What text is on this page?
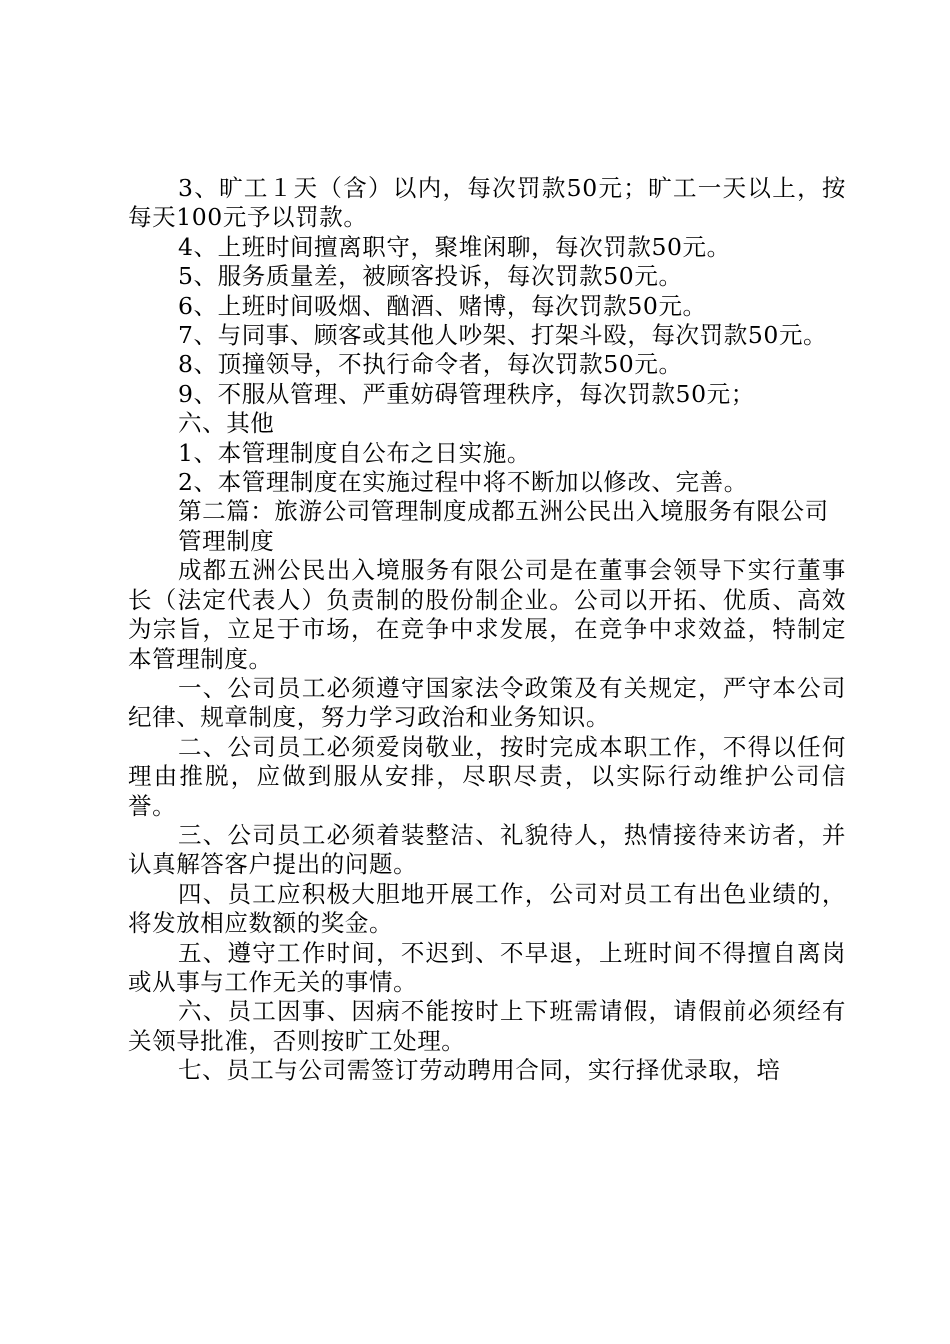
3、旷工１天（含）以内，每次罚款50元；旷工一天以上，按每天100元予以罚款。

4、上班时间擅离职守，聚堆闲聊，每次罚款50元。

5、服务质量差，被顾客投诉，每次罚款50元。

6、上班时间吸烟、酗酒、赌博，每次罚款50元。

7、与同事、顾客或其他人吵架、打架斗殴，每次罚款50元。

8、顶撞领导，不执行命令者，每次罚款50元。

9、不服从管理、严重妨碍管理秩序，每次罚款50元；

六、其他

1、本管理制度自公布之日实施。

2、本管理制度在实施过程中将不断加以修改、完善。

第二篇：旅游公司管理制度成都五洲公民出入境服务有限公司

管理制度

成都五洲公民出入境服务有限公司是在董事会领导下实行董事长（法定代表人）负责制的股份制企业。公司以开拓、优质、高效为宗旨，立足于市场，在竞争中求发展，在竞争中求效益，特制定本管理制度。

一、公司员工必须遵守国家法令政策及有关规定，严守本公司纪律、规章制度，努力学习政治和业务知识。

二、公司员工必须爱岗敬业，按时完成本职工作，不得以任何理由推脱，应做到服从安排，尽职尽责，以实际行动维护公司信誉。

三、公司员工必须着装整洁、礼貌待人，热情接待来访者，并认真解答客户提出的问题。

四、员工应积极大胆地开展工作，公司对员工有出色业绩的，将发放相应数额的奖金。

五、遵守工作时间，不迟到、不早退，上班时间不得擅自离岗或从事与工作无关的事情。

六、员工因事、因病不能按时上下班需请假，请假前必须经有关领导批准，否则按旷工处理。

七、员工与公司需签订劳动聘用合同，实行择优录取，培
